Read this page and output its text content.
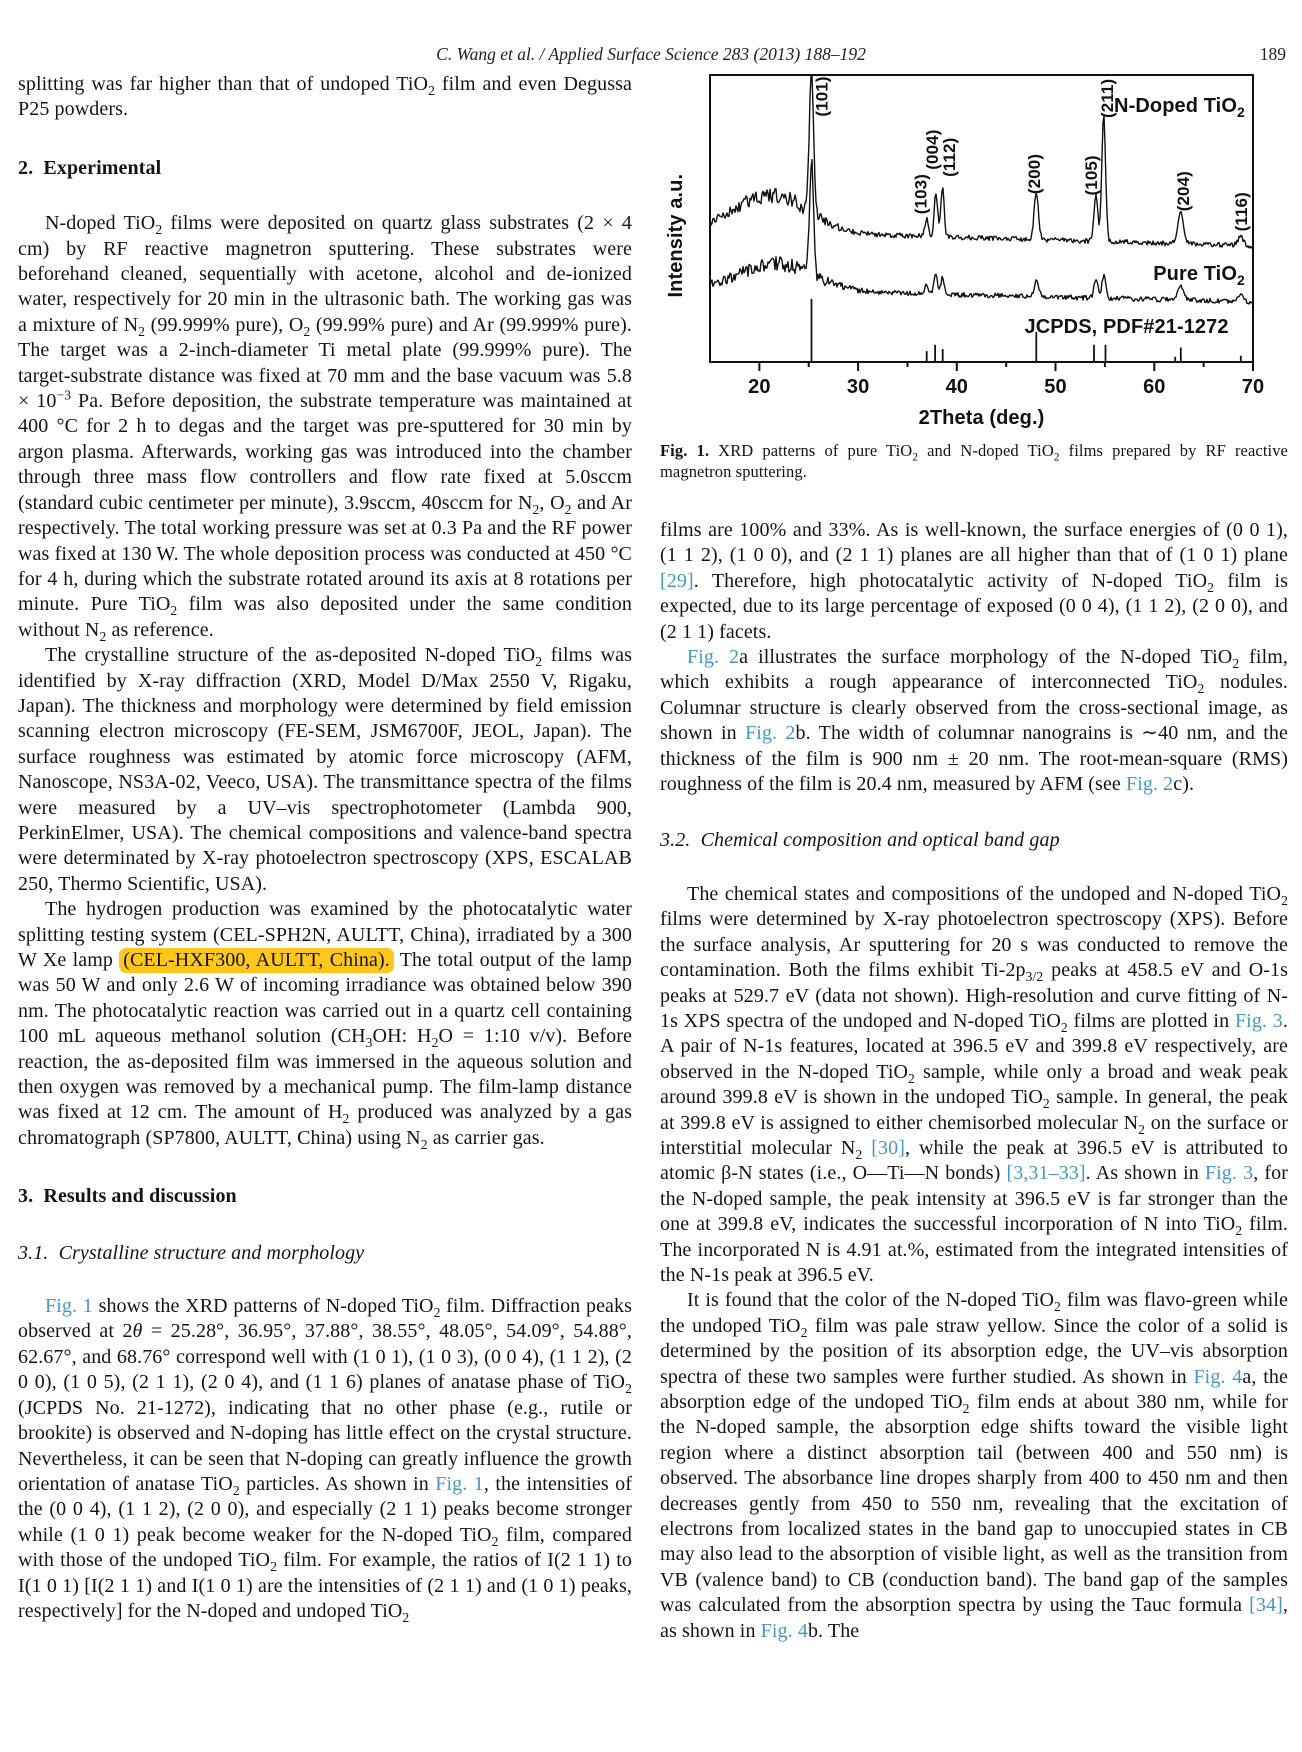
C. Wang et al. / Applied Surface Science 283 (2013) 188–192	189

splitting was far higher than that of undoped TiO$_2$ film and even Degussa P25 powders.

2.  Experimental

N-doped TiO$_2$ films were deposited on quartz glass substrates (2 × 4 cm) by RF reactive magnetron sputtering. These substrates were beforehand cleaned, sequentially with acetone, alcohol and de-ionized water, respectively for 20 min in the ultrasonic bath. The working gas was a mixture of $N_2$ (99.999% pure), $O_2$ (99.99% pure) and Ar (99.999% pure). The target was a 2-inch-diameter Ti metal plate (99.999% pure). The target-substrate distance was fixed at 70 mm and the base vacuum was $5.8 \times 10^{-3}$ Pa. Before deposition, the substrate temperature was maintained at 400 °C for 2 h to degas and the target was pre-sputtered for 30 min by argon plasma. Afterwards, working gas was introduced into the chamber through three mass flow controllers and flow rate fixed at 5.0sccm (standard cubic centimeter per minute), 3.9sccm, 40sccm for $N_2$, $O_2$ and Ar respectively. The total working pressure was set at 0.3 Pa and the RF power was fixed at 130 W. The whole deposition process was conducted at 450 °C for 4 h, during which the substrate rotated around its axis at 8 rotations per minute. Pure TiO$_2$ film was also deposited under the same condition without $N_2$ as reference.

The crystalline structure of the as-deposited N-doped TiO$_2$ films was identified by X-ray diffraction (XRD, Model D/Max 2550 V, Rigaku, Japan). The thickness and morphology were determined by field emission scanning electron microscopy (FE-SEM, JSM6700F, JEOL, Japan). The surface roughness was estimated by atomic force microscopy (AFM, Nanoscope, NS3A-02, Veeco, USA). The transmittance spectra of the films were measured by a UV–vis spectrophotometer (Lambda 900, PerkinElmer, USA). The chemical compositions and valence-band spectra were determinated by X-ray photoelectron spectroscopy (XPS, ESCALAB 250, Thermo Scientific, USA).

The hydrogen production was examined by the photocatalytic water splitting testing system (CEL-SPH2N, AULTT, China), irradiated by a 300 W Xe lamp (CEL-HXF300, AULTT, China). The total output of the lamp was 50 W and only 2.6 W of incoming irradiance was obtained below 390 nm. The photocatalytic reaction was carried out in a quartz cell containing 100 mL aqueous methanol solution ($CH_3OH$: $H_2O$ = 1:10 v/v). Before reaction, the as-deposited film was immersed in the aqueous solution and then oxygen was removed by a mechanical pump. The film-lamp distance was fixed at 12 cm. The amount of $H_2$ produced was analyzed by a gas chromatograph (SP7800, AULTT, China) using $N_2$ as carrier gas.

3.  Results and discussion
3.1.  Crystalline structure and morphology

Fig. 1 shows the XRD patterns of N-doped TiO$_2$ film. Diffraction peaks observed at 2θ = 25.28°, 36.95°, 37.88°, 38.55°, 48.05°, 54.09°, 54.88°, 62.67°, and 68.76° correspond well with (1 0 1), (1 0 3), (0 0 4), (1 1 2), (2 0 0), (1 0 5), (2 1 1), (2 0 4), and (1 1 6) planes of anatase phase of TiO$_2$ (JCPDS No. 21-1272), indicating that no other phase (e.g., rutile or brookite) is observed and N-doping has little effect on the crystal structure. Nevertheless, it can be seen that N-doping can greatly influence the growth orientation of anatase TiO$_2$ particles. As shown in Fig. 1, the intensities of the (0 0 4), (1 1 2), (2 0 0), and especially (2 1 1) peaks become stronger while (1 0 1) peak become weaker for the N-doped TiO$_2$ film, compared with those of the undoped TiO$_2$ film. For example, the ratios of I(2 1 1) to I(1 0 1) [I(2 1 1) and I(1 0 1) are the intensities of (2 1 1) and (1 0 1) peaks, respectively] for the N-doped and undoped TiO$_2$

JCPDS, PDF#21-1272
N-Doped TiO$_2$
Pure TiO$_2$
(101)
(103)
(004)
(112)	(200) (105)
(211)
(204)
(116)
20	30	40	50	60	70
2Theta (deg.)
Intensity a.u.
Fig. 1. XRD patterns of pure TiO$_2$ and N-doped TiO$_2$ films prepared by RF reactive magnetron sputtering.

films are 100% and 33%. As is well-known, the surface energies of (0 0 1), (1 1 2), (1 0 0), and (2 1 1) planes are all higher than that of (1 0 1) plane [29]. Therefore, high photocatalytic activity of N-doped TiO$_2$ film is expected, due to its large percentage of exposed (0 0 4), (1 1 2), (2 0 0), and (2 1 1) facets.

Fig. 2a illustrates the surface morphology of the N-doped TiO$_2$ film, which exhibits a rough appearance of interconnected TiO$_2$ nodules. Columnar structure is clearly observed from the cross-sectional image, as shown in Fig. 2b. The width of columnar nanograins is ∼40 nm, and the thickness of the film is 900 nm ± 20 nm. The root-mean-square (RMS) roughness of the film is 20.4 nm, measured by AFM (see Fig. 2c).

3.2.  Chemical composition and optical band gap

The chemical states and compositions of the undoped and N-doped TiO$_2$ films were determined by X-ray photoelectron spectroscopy (XPS). Before the surface analysis, Ar sputtering for 20 s was conducted to remove the contamination. Both the films exhibit $Ti-2p_{3/2}$ peaks at 458.5 eV and O-1s peaks at 529.7 eV (data not shown). High-resolution and curve fitting of N-1s XPS spectra of the undoped and N-doped TiO$_2$ films are plotted in Fig. 3. A pair of N-1s features, located at 396.5 eV and 399.8 eV respectively, are observed in the N-doped TiO$_2$ sample, while only a broad and weak peak around 399.8 eV is shown in the undoped TiO$_2$ sample. In general, the peak at 399.8 eV is assigned to either chemisorbed molecular $N_2$ on the surface or interstitial molecular $N_2$ [30], while the peak at 396.5 eV is attributed to atomic β-N states (i.e., O—Ti—N bonds) [3,31–33]. As shown in Fig. 3, for the N-doped sample, the peak intensity at 396.5 eV is far stronger than the one at 399.8 eV, indicates the successful incorporation of N into TiO$_2$ film. The incorporated N is 4.91 at.%, estimated from the integrated intensities of the N-1s peak at 396.5 eV.

It is found that the color of the N-doped TiO$_2$ film was flavo-green while the undoped TiO$_2$ film was pale straw yellow. Since the color of a solid is determined by the position of its absorption edge, the UV–vis absorption spectra of these two samples were further studied. As shown in Fig. 4a, the absorption edge of the undoped TiO$_2$ film ends at about 380 nm, while for the N-doped sample, the absorption edge shifts toward the visible light region where a distinct absorption tail (between 400 and 550 nm) is observed. The absorbance line dropes sharply from 400 to 450 nm and then decreases gently from 450 to 550 nm, revealing that the excitation of electrons from localized states in the band gap to unoccupied states in CB may also lead to the absorption of visible light, as well as the transition from VB (valence band) to CB (conduction band). The band gap of the samples was calculated from the absorption spectra by using the Tauc formula [34], as shown in Fig. 4b. The
